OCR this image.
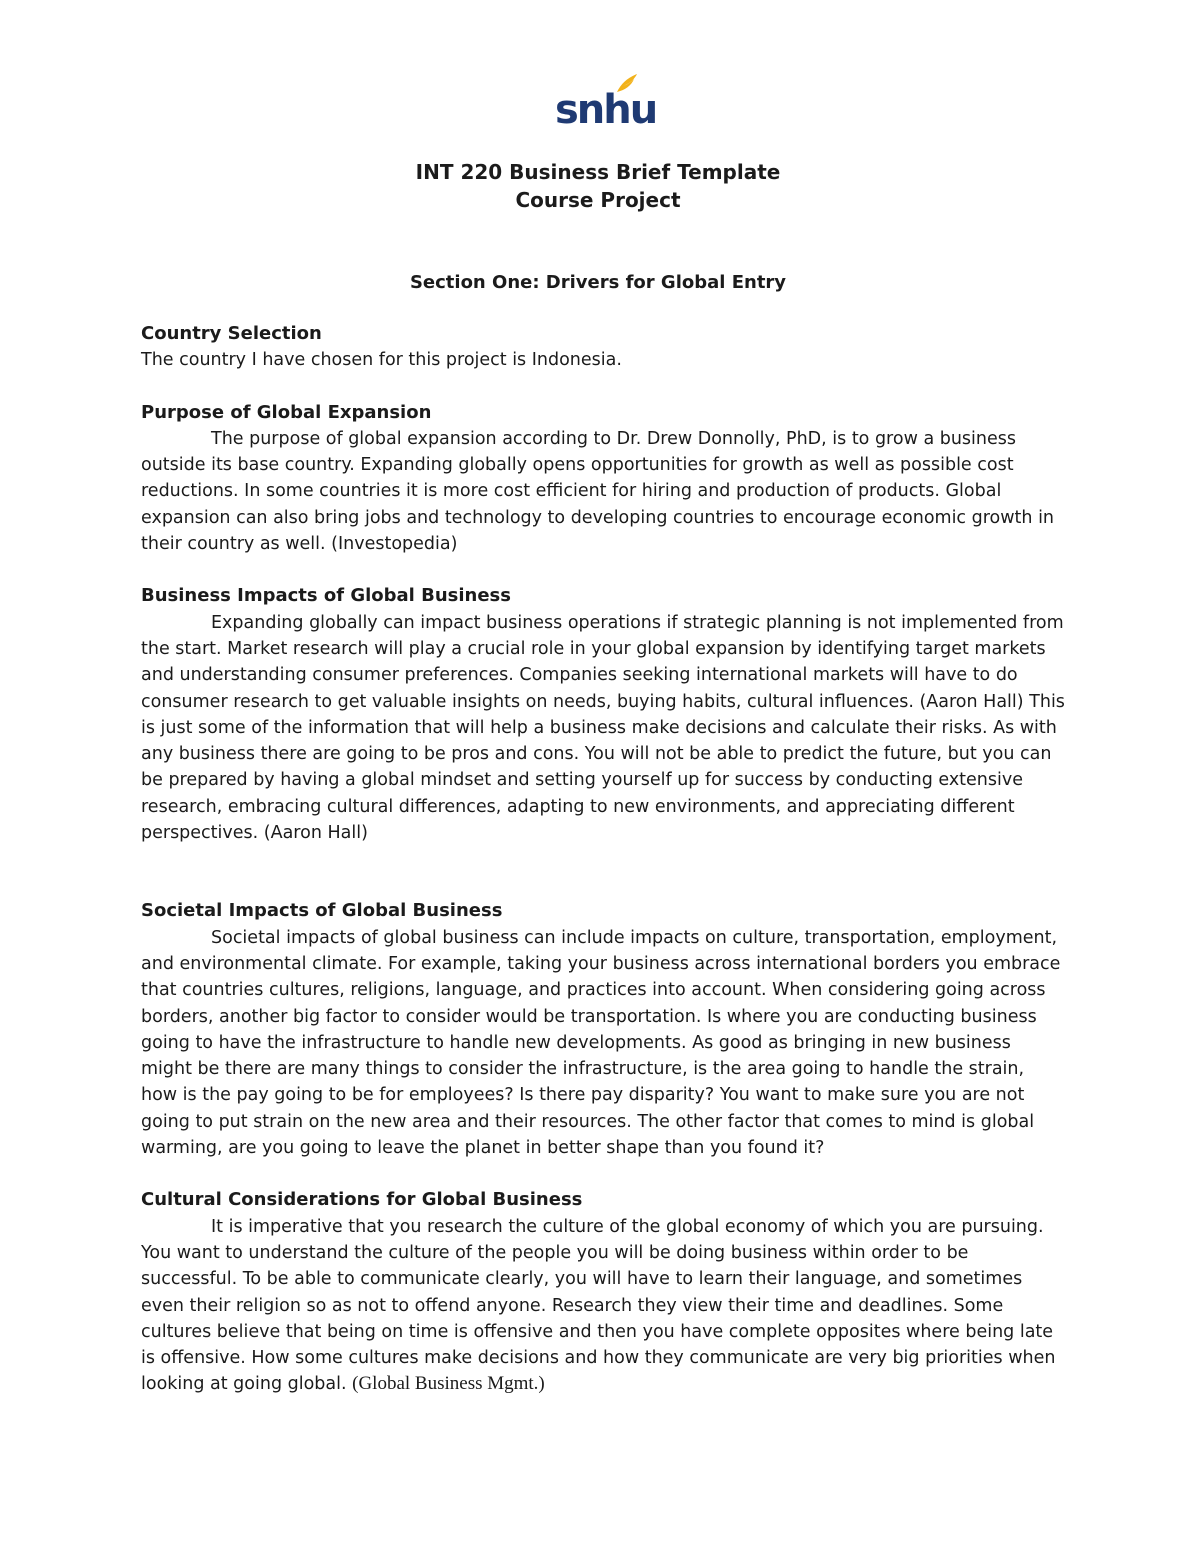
snhu
INT 220 Business Brief Template
Course Project
Section One: Drivers for Global Entry
Country Selection

The country I have chosen for this project is Indonesia.

Purpose of Global Expansion

The purpose of global expansion according to Dr. Drew Donnolly, PhD, is to grow a business
outside its base country. Expanding globally opens opportunities for growth as well as possible cost
reductions. In some countries it is more cost efficient for hiring and production of products. Global
expansion can also bring jobs and technology to developing countries to encourage economic growth in
their country as well. (Investopedia)

Business Impacts of Global Business

Expanding globally can impact business operations if strategic planning is not implemented from
the start. Market research will play a crucial role in your global expansion by identifying target markets
and understanding consumer preferences. Companies seeking international markets will have to do
consumer research to get valuable insights on needs, buying habits, cultural influences. (Aaron Hall) This
is just some of the information that will help a business make decisions and calculate their risks. As with
any business there are going to be pros and cons. You will not be able to predict the future, but you can
be prepared by having a global mindset and setting yourself up for success by conducting extensive
research, embracing cultural differences, adapting to new environments, and appreciating different
perspectives. (Aaron Hall)

Societal Impacts of Global Business

Societal impacts of global business can include impacts on culture, transportation, employment,
and environmental climate. For example, taking your business across international borders you embrace
that countries cultures, religions, language, and practices into account. When considering going across
borders, another big factor to consider would be transportation. Is where you are conducting business
going to have the infrastructure to handle new developments. As good as bringing in new business
might be there are many things to consider the infrastructure, is the area going to handle the strain,
how is the pay going to be for employees? Is there pay disparity? You want to make sure you are not
going to put strain on the new area and their resources. The other factor that comes to mind is global
warming, are you going to leave the planet in better shape than you found it?

Cultural Considerations for Global Business

It is imperative that you research the culture of the global economy of which you are pursuing.
You want to understand the culture of the people you will be doing business within order to be
successful. To be able to communicate clearly, you will have to learn their language, and sometimes
even their religion so as not to offend anyone. Research they view their time and deadlines. Some
cultures believe that being on time is offensive and then you have complete opposites where being late
is offensive. How some cultures make decisions and how they communicate are very big priorities when
looking at going global. (Global Business Mgmt.)
